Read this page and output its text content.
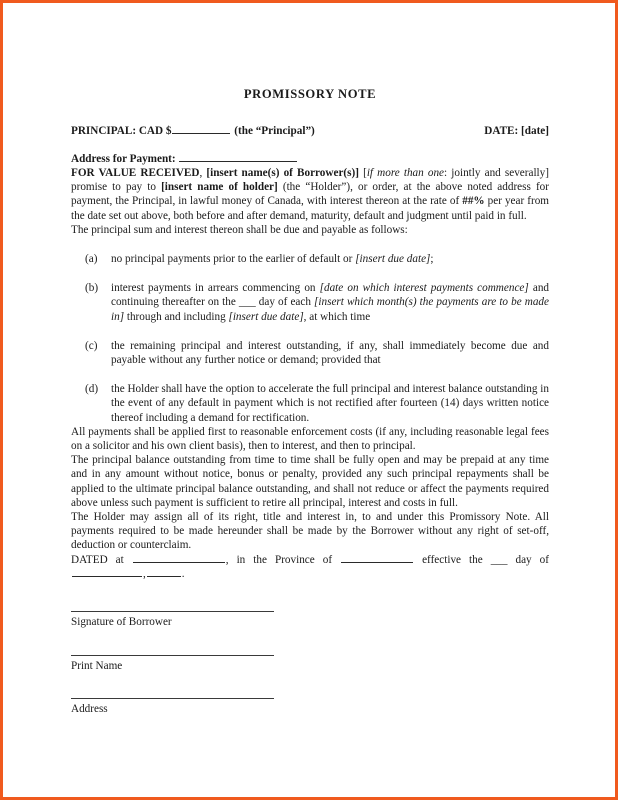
PROMISSORY NOTE
PRINCIPAL: CAD $	(the “Principal”)	DATE: [date]
Address for Payment:

FOR VALUE RECEIVED, [insert name(s) of Borrower(s)] [if more than one: jointly and severally] promise to pay to [insert name of holder] (the “Holder”), or order, at the above noted address for payment, the Principal, in lawful money of Canada, with interest thereon at the rate of ##% per year from the date set out above, both before and after demand, maturity, default and judgment until paid in full.

The principal sum and interest thereon shall be due and payable as follows:

(a)	no principal payments prior to the earlier of default or [insert due date];
(b)	interest payments in arrears commencing on [date on which interest payments commence] and continuing thereafter on the ___ day of each [insert which month(s) the payments are to be made in] through and including [insert due date], at which time
(c)	the remaining principal and interest outstanding, if any, shall immediately become due and payable without any further notice or demand; provided that
(d)	the Holder shall have the option to accelerate the full principal and interest balance outstanding in the event of any default in payment which is not rectified after fourteen (14) days written notice thereof including a demand for rectification.

All payments shall be applied first to reasonable enforcement costs (if any, including reasonable legal fees on a solicitor and his own client basis), then to interest, and then to principal.

The principal balance outstanding from time to time shall be fully open and may be prepaid at any time and in any amount without notice, bonus or penalty, provided any such principal repayments shall be applied to the ultimate principal balance outstanding, and shall not reduce or affect the payments required above unless such payment is sufficient to retire all principal, interest and costs in full.

The Holder may assign all of its right, title and interest in, to and under this Promissory Note. All payments required to be made hereunder shall be made by the Borrower without any right of set-off, deduction or counterclaim.

DATED at	, in the Province of	effective the ___ day of ,	.

Signature of Borrower
Print Name
Address
